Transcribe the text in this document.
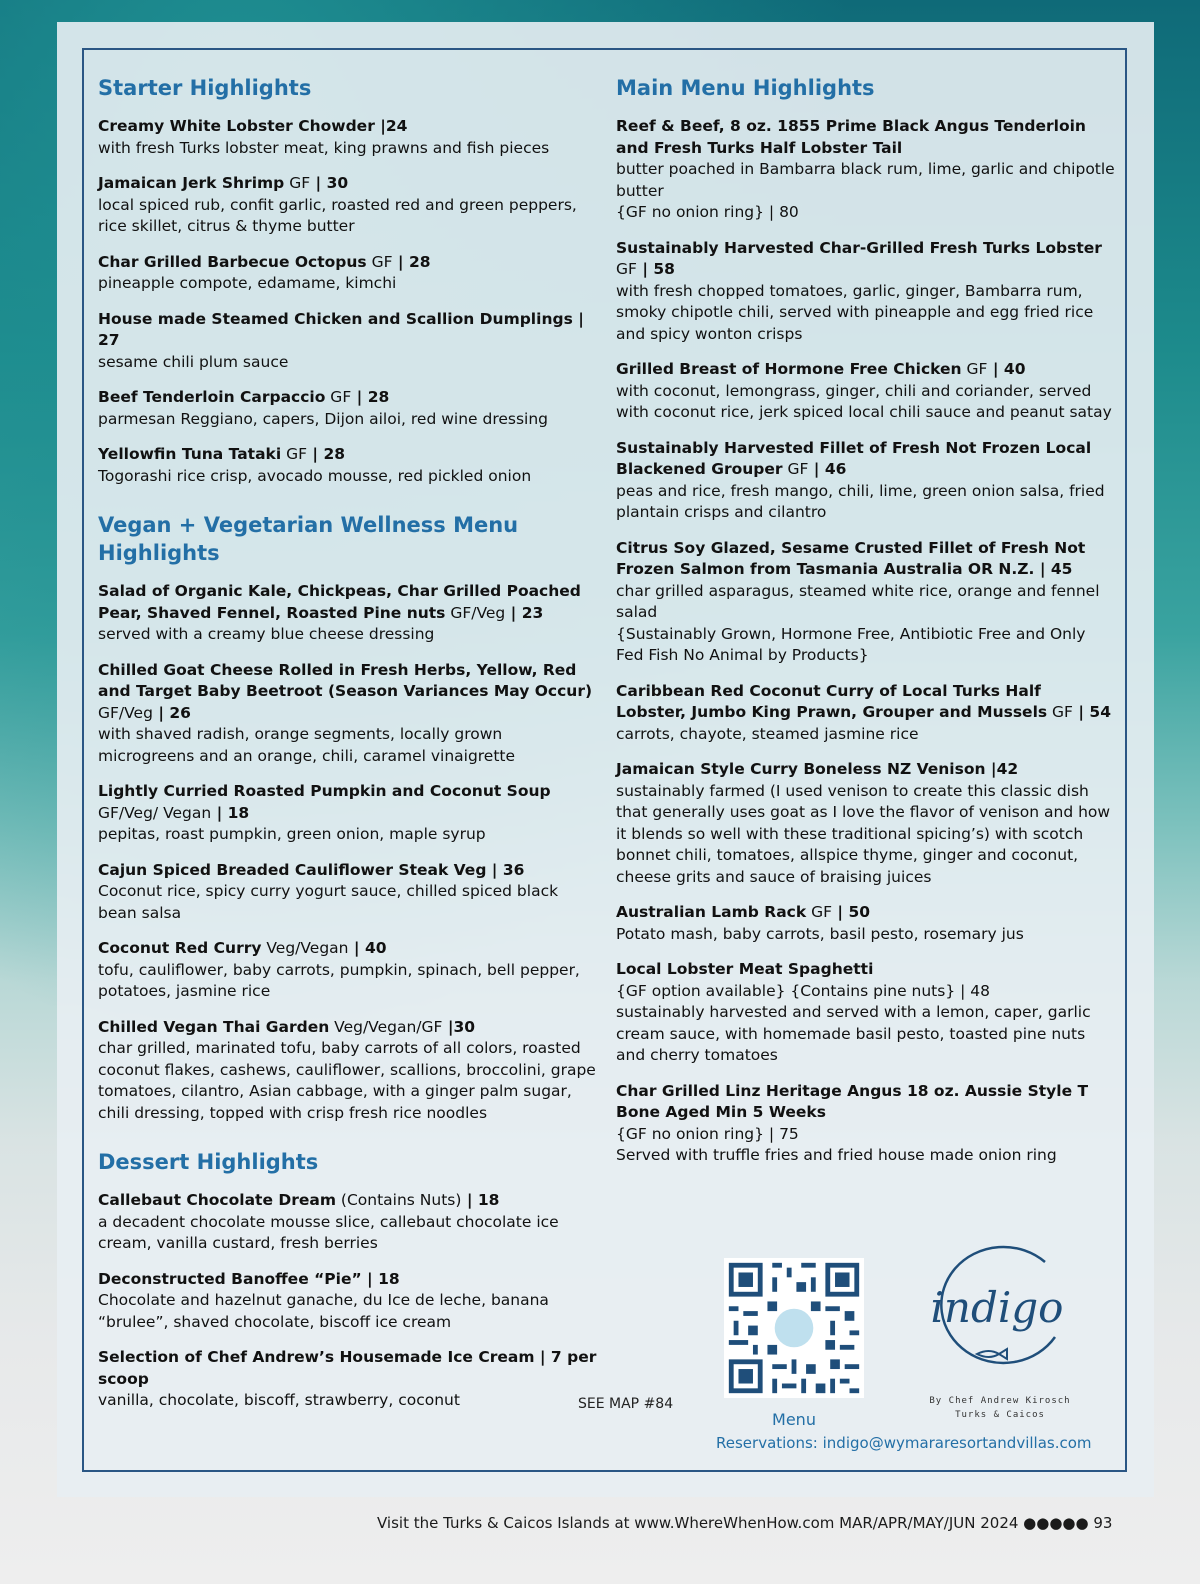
Starter Highlights
Creamy White Lobster Chowder |24
with fresh Turks lobster meat, king prawns and fish pieces
Jamaican Jerk Shrimp GF | 30
local spiced rub, confit garlic, roasted red and green peppers, rice skillet, citrus & thyme butter
Char Grilled Barbecue Octopus GF | 28
pineapple compote, edamame, kimchi
House made Steamed Chicken and Scallion Dumplings | 27
sesame chili plum sauce
Beef Tenderloin Carpaccio GF | 28
parmesan Reggiano, capers, Dijon ailoi, red wine dressing
Yellowfin Tuna Tataki GF | 28
Togorashi rice crisp, avocado mousse, red pickled onion
Vegan + Vegetarian Wellness Menu Highlights
Salad of Organic Kale, Chickpeas, Char Grilled Poached Pear, Shaved Fennel, Roasted Pine nuts GF/Veg | 23
served with a creamy blue cheese dressing
Chilled Goat Cheese Rolled in Fresh Herbs, Yellow, Red and Target Baby Beetroot (Season Variances May Occur) GF/Veg | 26
with shaved radish, orange segments, locally grown microgreens and an orange, chili, caramel vinaigrette
Lightly Curried Roasted Pumpkin and Coconut Soup GF/Veg/ Vegan | 18
pepitas, roast pumpkin, green onion, maple syrup
Cajun Spiced Breaded Cauliflower Steak Veg | 36
Coconut rice, spicy curry yogurt sauce, chilled spiced black bean salsa
Coconut Red Curry Veg/Vegan | 40
tofu, cauliflower, baby carrots, pumpkin, spinach, bell pepper, potatoes, jasmine rice
Chilled Vegan Thai Garden Veg/Vegan/GF |30
char grilled, marinated tofu, baby carrots of all colors, roasted coconut flakes, cashews, cauliflower, scallions, broccolini, grape tomatoes, cilantro, Asian cabbage, with a ginger palm sugar, chili dressing, topped with crisp fresh rice noodles
Dessert Highlights
Callebaut Chocolate Dream (Contains Nuts) | 18
a decadent chocolate mousse slice, callebaut chocolate ice cream, vanilla custard, fresh berries
Deconstructed Banoffee “Pie” | 18
Chocolate and hazelnut ganache, du Ice de leche, banana “brulee”, shaved chocolate, biscoff ice cream
Selection of Chef Andrew’s Housemade Ice Cream | 7 per scoop
vanilla, chocolate, biscoff, strawberry, coconut
Main Menu Highlights
Reef & Beef, 8 oz. 1855 Prime Black Angus Tenderloin and Fresh Turks Half Lobster Tail
butter poached in Bambarra black rum, lime, garlic and chipotle butter
{GF no onion ring} | 80
Sustainably Harvested Char-Grilled Fresh Turks Lobster GF | 58
with fresh chopped tomatoes, garlic, ginger, Bambarra rum, smoky chipotle chili, served with pineapple and egg fried rice and spicy wonton crisps
Grilled Breast of Hormone Free Chicken GF | 40
with coconut, lemongrass, ginger, chili and coriander, served with coconut rice, jerk spiced local chili sauce and peanut satay
Sustainably Harvested Fillet of Fresh Not Frozen Local Blackened Grouper GF | 46
peas and rice, fresh mango, chili, lime, green onion salsa, fried plantain crisps and cilantro
Citrus Soy Glazed, Sesame Crusted Fillet of Fresh Not Frozen Salmon from Tasmania Australia OR N.Z. | 45
char grilled asparagus, steamed white rice, orange and fennel salad
{Sustainably Grown, Hormone Free, Antibiotic Free and Only Fed Fish No Animal by Products}
Caribbean Red Coconut Curry of Local Turks Half Lobster, Jumbo King Prawn, Grouper and Mussels GF | 54
carrots, chayote, steamed jasmine rice
Jamaican Style Curry Boneless NZ Venison |42
sustainably farmed (I used venison to create this classic dish that generally uses goat as I love the flavor of venison and how it blends so well with these traditional spicing’s) with scotch bonnet chili, tomatoes, allspice thyme, ginger and coconut, cheese grits and sauce of braising juices
Australian Lamb Rack GF | 50
Potato mash, baby carrots, basil pesto, rosemary jus
Local Lobster Meat Spaghetti
{GF option available} {Contains pine nuts} | 48
sustainably harvested and served with a lemon, caper, garlic cream sauce, with homemade basil pesto, toasted pine nuts and cherry tomatoes
Char Grilled Linz Heritage Angus 18 oz. Aussie Style T Bone Aged Min 5 Weeks
{GF no onion ring} | 75
Served with truffle fries and fried house made onion ring
Menu
SEE MAP #84
indigo
By Chef Andrew Kirosch
Turks & Caicos
Reservations: indigo@wymararesortandvillas.com
Visit the Turks & Caicos Islands at www.WhereWhenHow.com MAR/APR/MAY/JUN 2024 ●●●●● 93
